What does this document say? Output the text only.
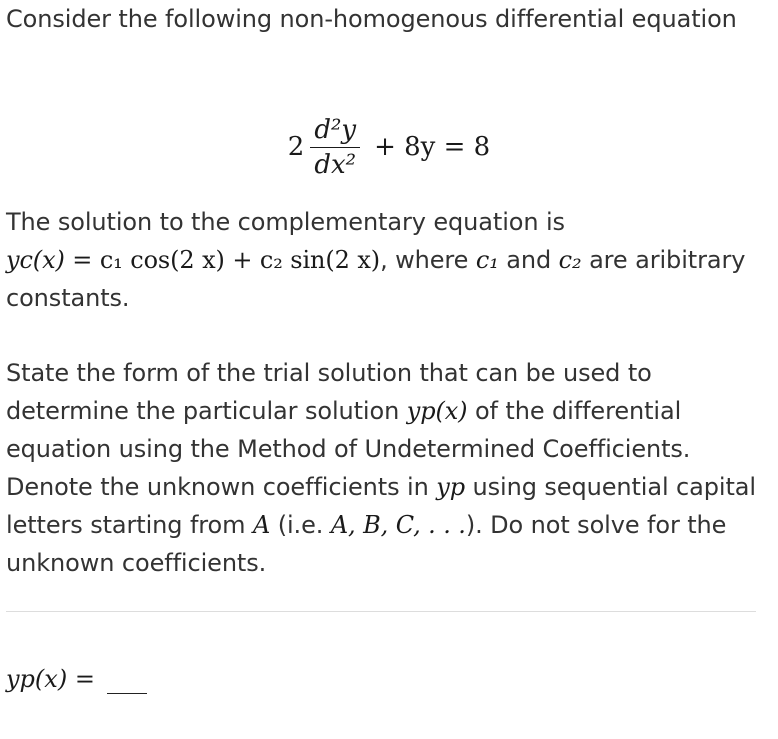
Consider the following non-homogenous differential equation
$2 \frac{\text{d²y}}{\text{dx²}} + 8y = 8$
The solution to the complementary equation is
yc(x) = c₁ cos(2 x) + c₂ sin(2 x), where c₁ and c₂ are aribitrary constants.
State the form of the trial solution that can be used to determine the particular solution yp(x) of the differential equation using the Method of Undetermined Coefficients. Denote the unknown coefficients in yp using sequential capital letters starting from A (i.e. A, B, C, . . .). Do not solve for the unknown coefficients.
yp(x) =
